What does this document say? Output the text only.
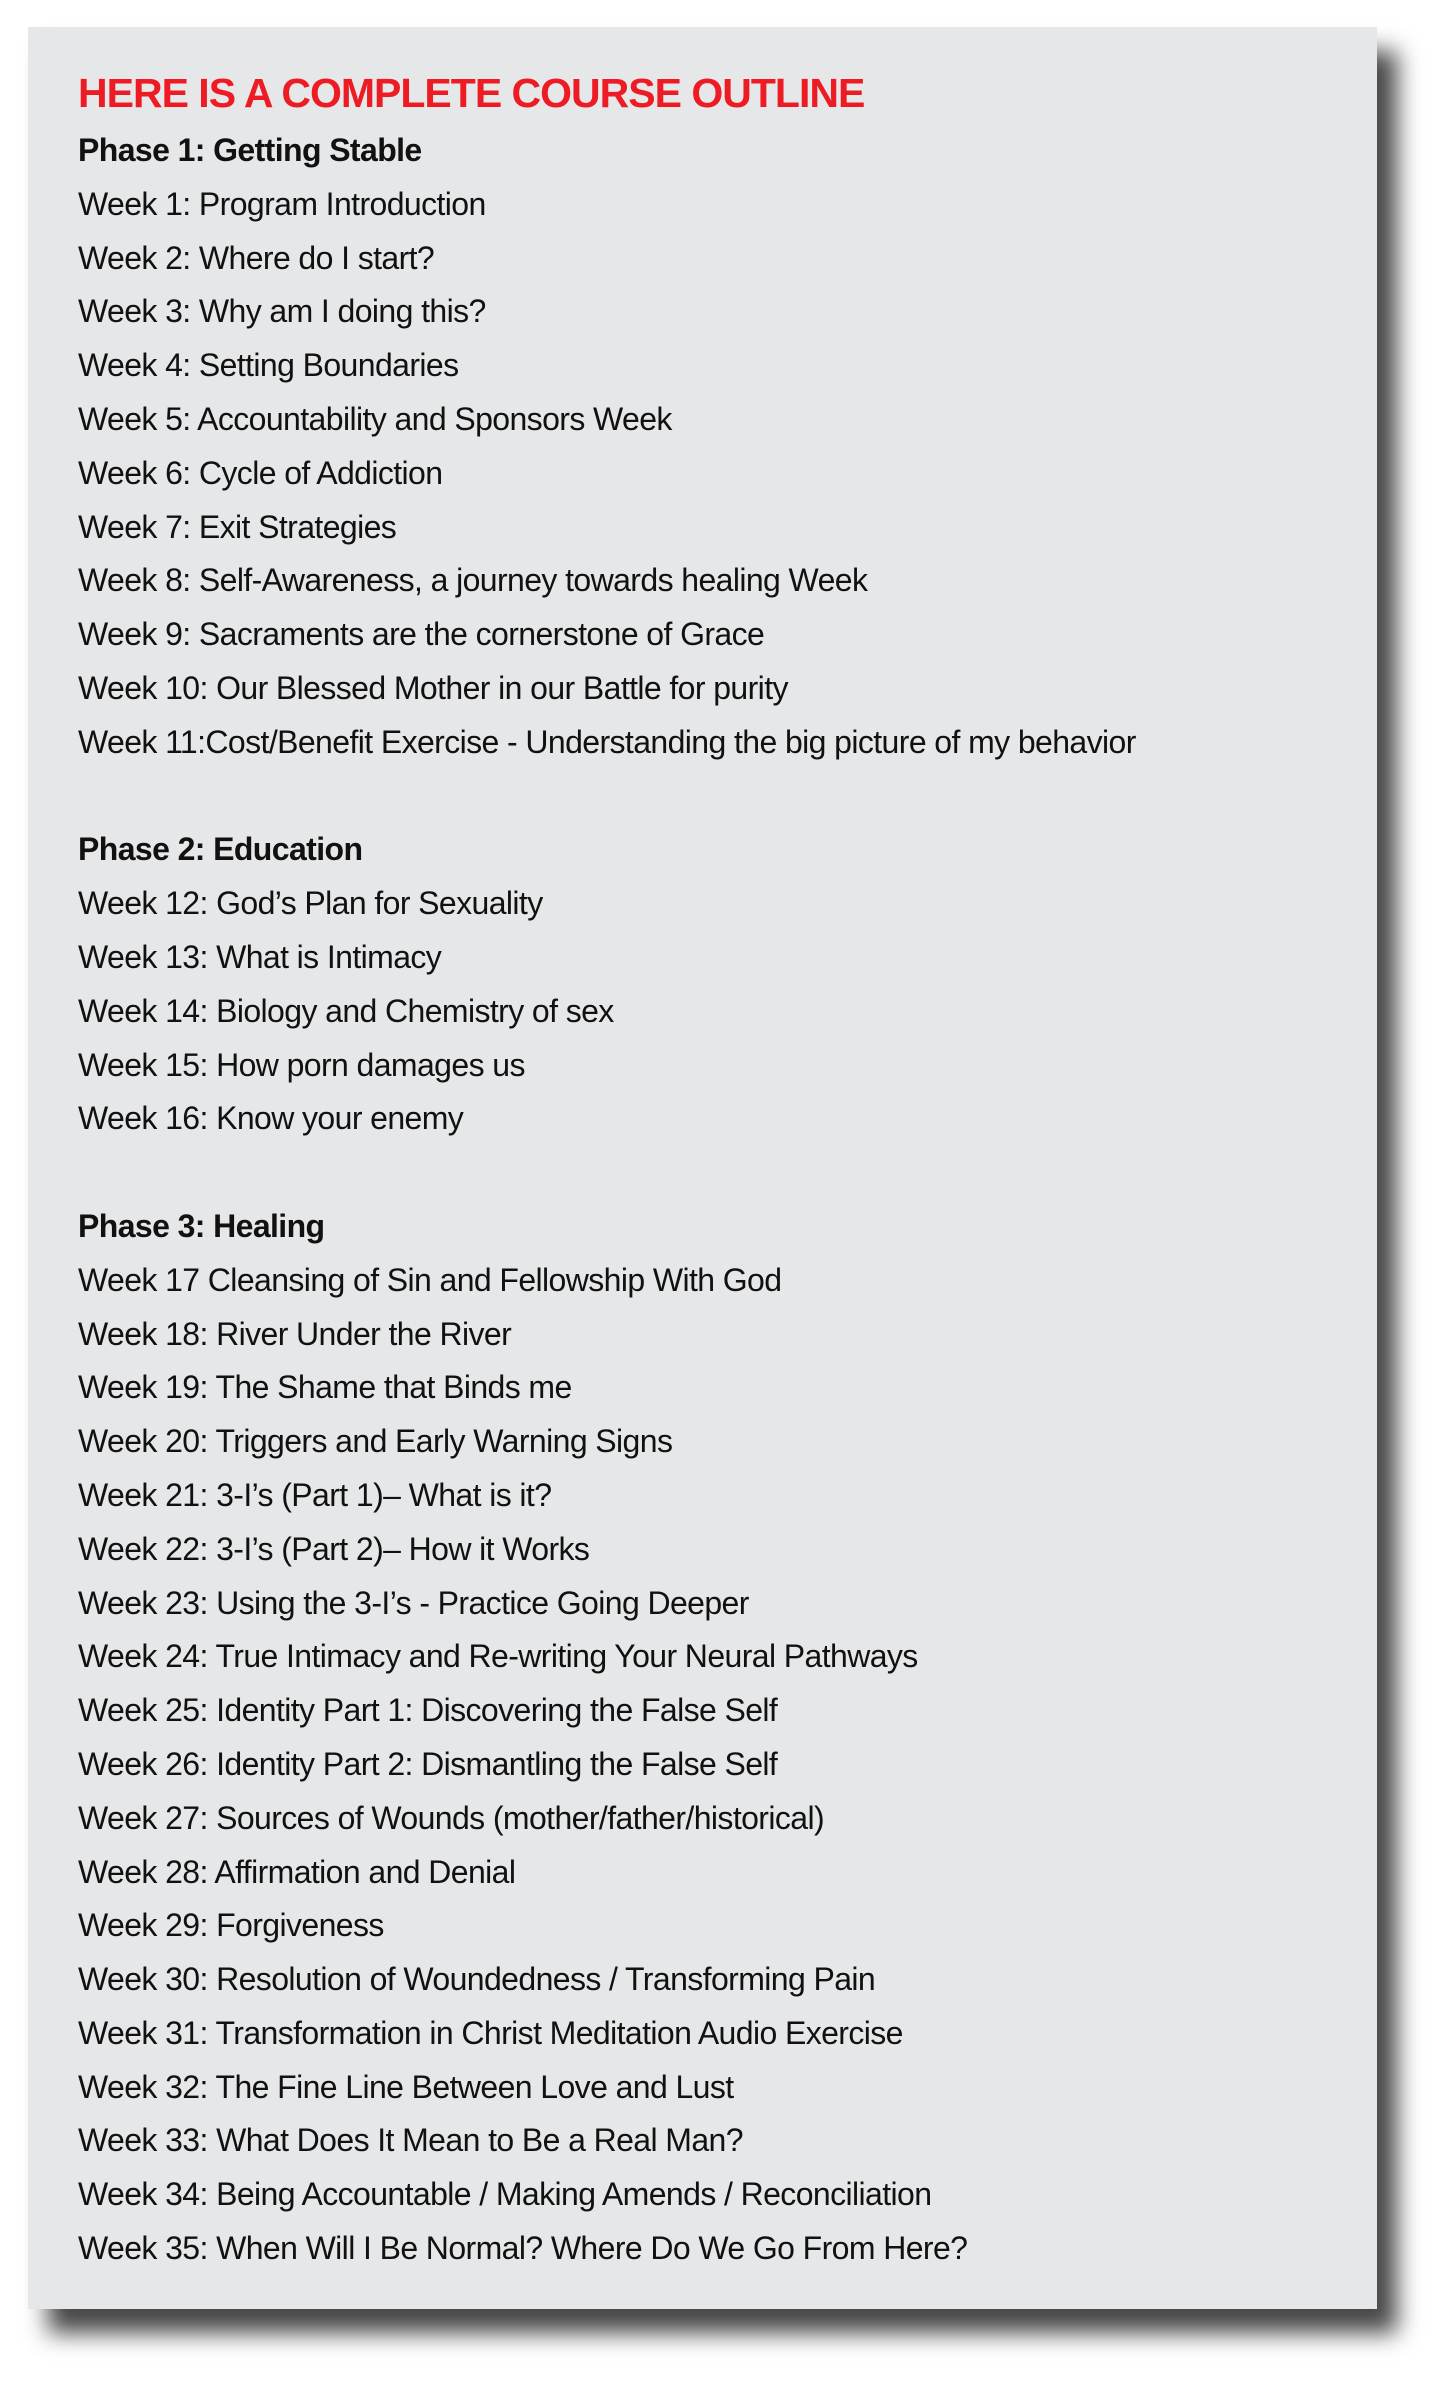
HERE IS A COMPLETE COURSE OUTLINE
Phase 1: Getting Stable
Week 1: Program Introduction
Week 2: Where do I start?
Week 3: Why am I doing this?
Week 4: Setting Boundaries
Week 5: Accountability and Sponsors Week
Week 6: Cycle of Addiction
Week 7: Exit Strategies
Week 8: Self-Awareness, a journey towards healing Week
Week 9: Sacraments are the cornerstone of Grace
Week 10: Our Blessed Mother in our Battle for purity
Week 11:Cost/Benefit Exercise - Understanding the big picture of my behavior
Phase 2: Education
Week 12: God’s Plan for Sexuality
Week 13: What is Intimacy
Week 14: Biology and Chemistry of sex
Week 15: How porn damages us
Week 16: Know your enemy
Phase 3: Healing
Week 17 Cleansing of Sin and Fellowship With God
Week 18: River Under the River
Week 19: The Shame that Binds me
Week 20: Triggers and Early Warning Signs
Week 21: 3-I’s (Part 1)– What is it?
Week 22: 3-I’s (Part 2)– How it Works
Week 23: Using the 3-I’s - Practice Going Deeper
Week 24: True Intimacy and Re-writing Your Neural Pathways
Week 25: Identity Part 1: Discovering the False Self
Week 26: Identity Part 2: Dismantling the False Self
Week 27: Sources of Wounds (mother/father/historical)
Week 28: Affirmation and Denial
Week 29: Forgiveness
Week 30: Resolution of Woundedness / Transforming Pain
Week 31: Transformation in Christ Meditation Audio Exercise
Week 32: The Fine Line Between Love and Lust
Week 33: What Does It Mean to Be a Real Man?
Week 34: Being Accountable / Making Amends / Reconciliation
Week 35: When Will I Be Normal? Where Do We Go From Here?
